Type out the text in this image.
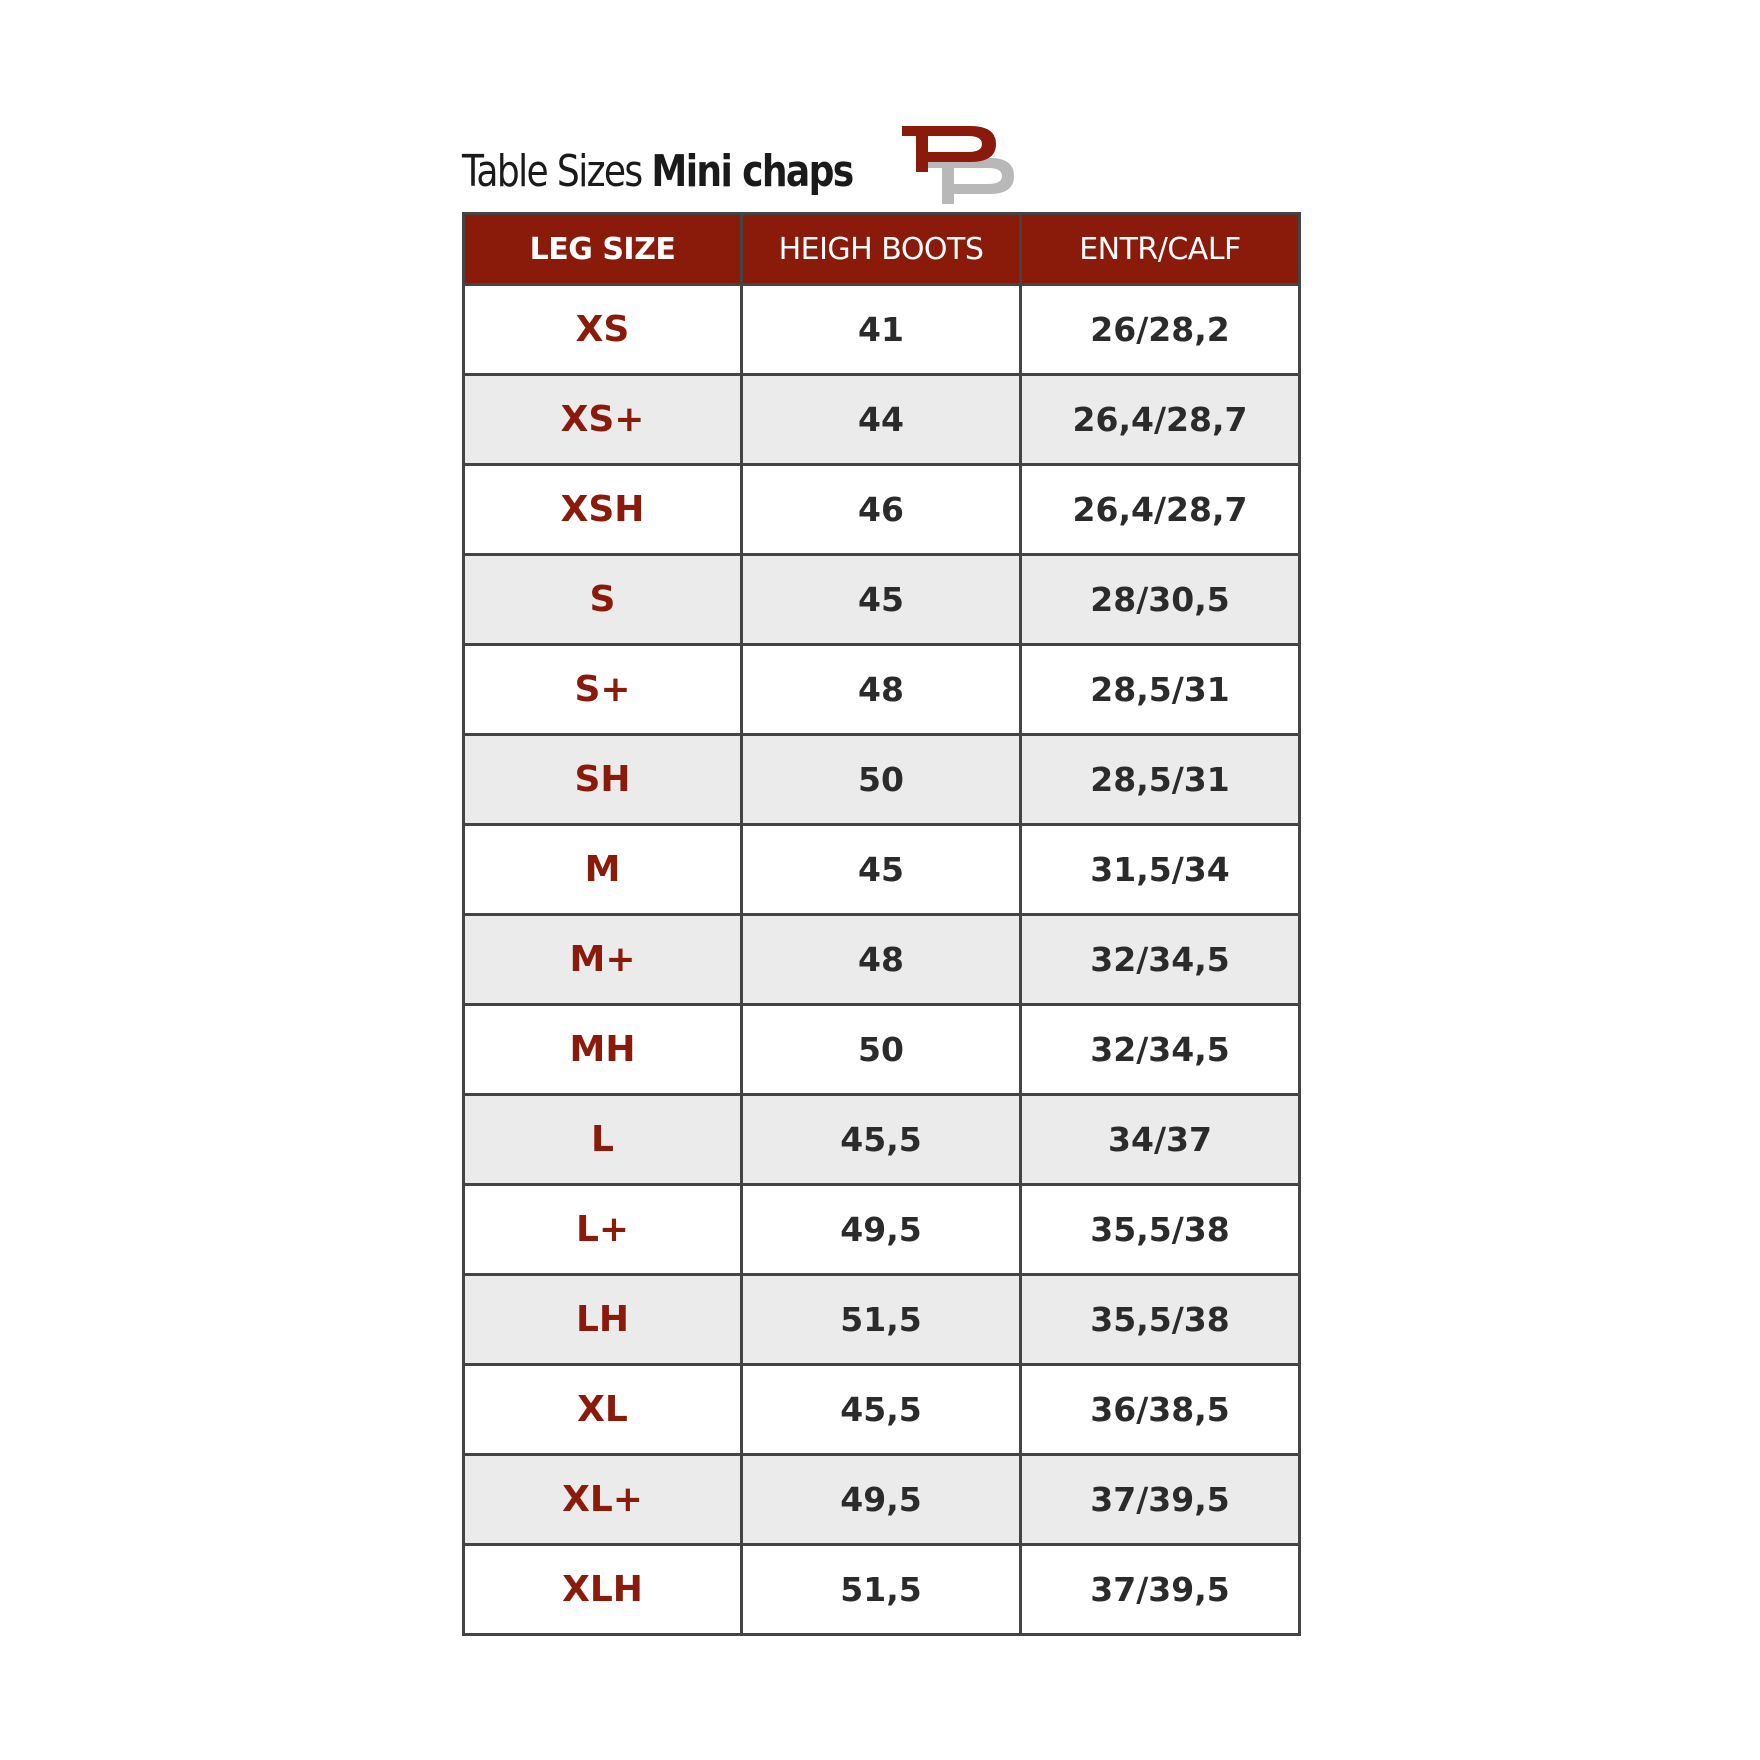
Table Sizes Mini chaps
LEG SIZE	HEIGH BOOTS	ENTR/CALF
XS	41	26/28,2
XS+	44	26,4/28,7
XSH	46	26,4/28,7
S	45	28/30,5
S+	48	28,5/31
SH	50	28,5/31
M	45	31,5/34
M+	48	32/34,5
MH	50	32/34,5
L	45,5	34/37
L+	49,5	35,5/38
LH	51,5	35,5/38
XL	45,5	36/38,5
XL+	49,5	37/39,5
XLH	51,5	37/39,5
